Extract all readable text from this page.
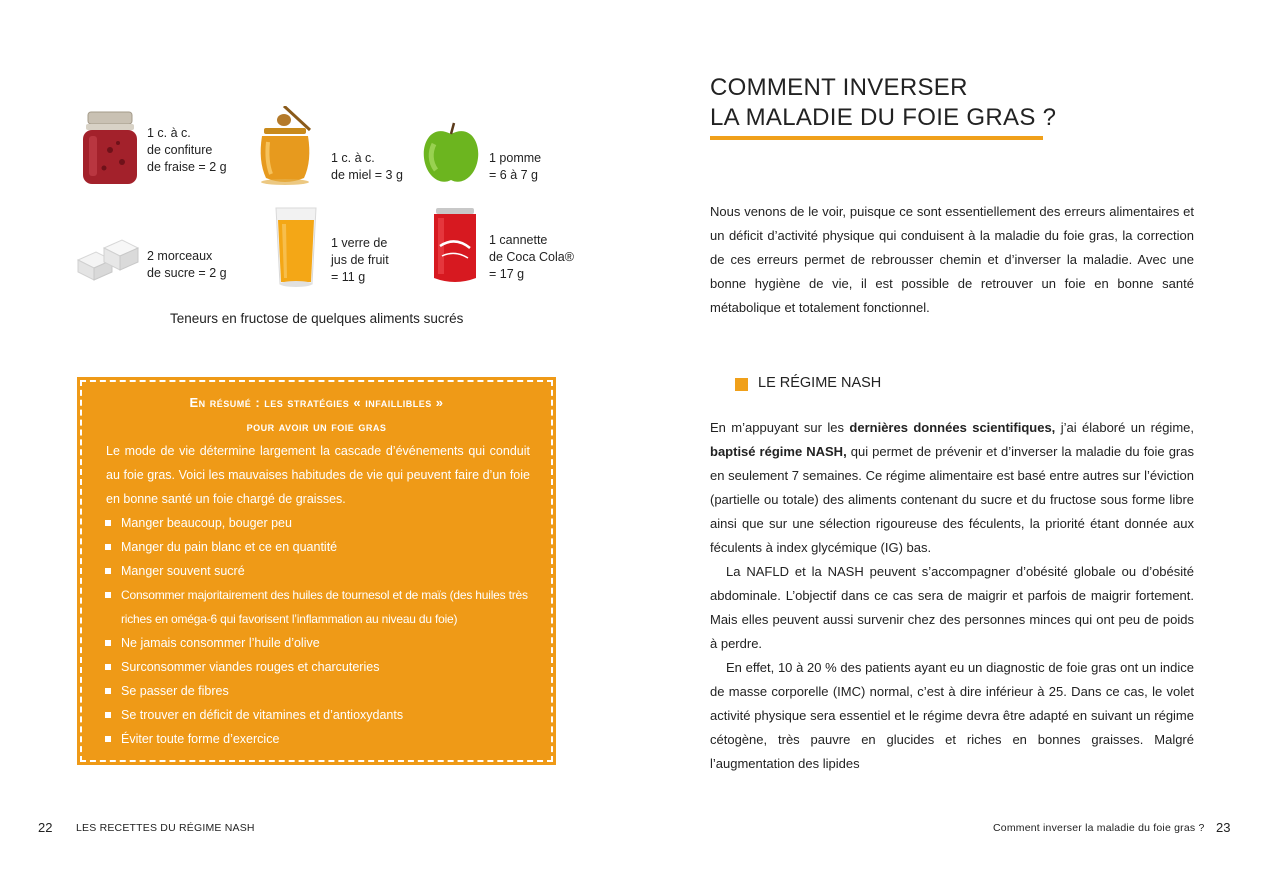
1 c. à c.
de confiture
de fraise = 2 g
1 c. à c.
de miel = 3 g
1 pomme
= 6 à 7 g
2 morceaux
de sucre = 2 g
1 verre de
jus de fruit
= 11 g
1 cannette
de Coca Cola®
= 17 g
Teneurs en fructose de quelques aliments sucrés
En résumé : les stratégies « infaillibles »
pour avoir un foie gras
Le mode de vie détermine largement la cascade d’événements qui conduit au foie gras. Voici les mauvaises habitudes de vie qui peuvent faire d’un foie en bonne santé un foie chargé de graisses.
Manger beaucoup, bouger peu
Manger du pain blanc et ce en quantité
Manger souvent sucré
Consommer majoritairement des huiles de tournesol et de maïs (des huiles très riches en oméga-6 qui favorisent l’inflammation au niveau du foie)
Ne jamais consommer l’huile d’olive
Surconsommer viandes rouges et charcuteries
Se passer de fibres
Se trouver en déficit de vitamines et d’antioxydants
Éviter toute forme d’exercice
22 LES RECETTES DU RÉGIME NASH
COMMENT INVERSER
LA MALADIE DU FOIE GRAS ?

Nous venons de le voir, puisque ce sont essentiellement des erreurs alimentaires et un déficit d’activité physique qui conduisent à la maladie du foie gras, la correction de ces erreurs permet de rebrousser chemin et d’inverser la maladie. Avec une bonne hygiène de vie, il est possible de retrouver un foie en bonne santé métabolique et totalement fonctionnel.

LE RÉGIME NASH

En m’appuyant sur les dernières données scientifiques, j’ai élaboré un régime, baptisé régime NASH, qui permet de prévenir et d’inverser la maladie du foie gras en seulement 7 semaines. Ce régime alimentaire est basé entre autres sur l’éviction (partielle ou totale) des aliments contenant du sucre et du fructose sous forme libre ainsi que sur une sélection rigoureuse des féculents, la priorité étant donnée aux féculents à index glycémique (IG) bas.

La NAFLD et la NASH peuvent s’accompagner d’obésité globale ou d’obésité abdominale. L’objectif dans ce cas sera de maigrir et parfois de maigrir fortement. Mais elles peuvent aussi survenir chez des personnes minces qui ont peu de poids à perdre.

En effet, 10 à 20 % des patients ayant eu un diagnostic de foie gras ont un indice de masse corporelle (IMC) normal, c’est à dire inférieur à 25. Dans ce cas, le volet activité physique sera essentiel et le régime devra être adapté en suivant un régime cétogène, très pauvre en glucides et riches en bonnes graisses. Malgré l’augmentation des lipides

Comment inverser la maladie du foie gras ? 23
